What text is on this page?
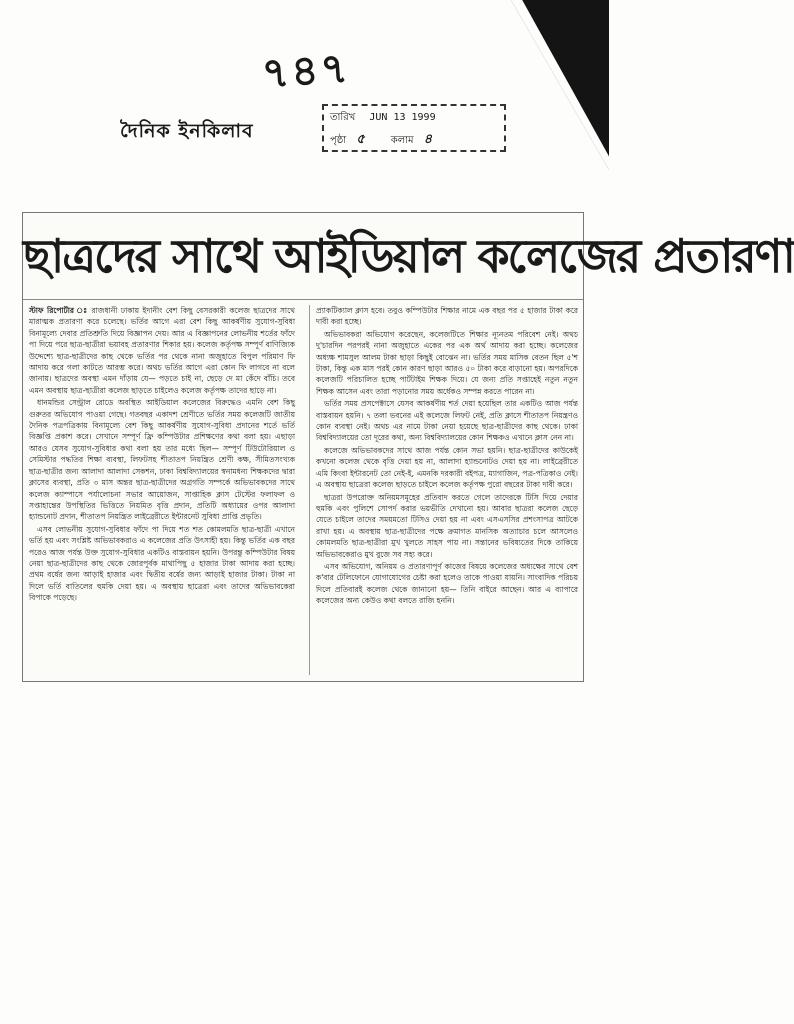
৭৪৭
দৈনিক ইনকিলাব
তারিখ JUN 13 1999
পৃষ্ঠা ৫	কলাম ৪
ছাত্রদের সাথে আইডিয়াল কলেজের প্রতারণা

স্টাফ রিপোর্টার ঃ রাজধানী ঢাকায় ইদানীং বেশ কিছু বেসরকারী কলেজ ছাত্রদের সাথে মারাত্মক প্রতারণা করে চলেছে। ভর্তির আগে এরা বেশ কিছু আকর্ষণীয় সুযোগ-সুবিধা বিনামূল্যে দেবার প্রতিশ্রুতি দিয়ে বিজ্ঞাপন দেয়। আর এ বিজ্ঞাপনের লোভনীয় শর্তের ফাঁদে পা দিয়ে পরে ছাত্র-ছাত্রীরা ভয়াবহ প্রতারণার শিকার হয়। কলেজ কর্তৃপক্ষ সম্পূর্ণ বাণিজ্যিক উদ্দেশ্যে ছাত্র-ছাত্রীদের কাছ থেকে ভর্তির পর থেকে নানা অজুহাতে বিপুল পরিমাণ ফি আদায় করে গলা কাটতে আরম্ভ করে। অথচ ভর্তির আগে এরা কোন ফি লাগবে না বলে জানায়। ছাত্রদের অবস্থা এমন দাঁড়ায় যে— পড়তে চাই না, ছেড়ে দে মা কেঁদে বাঁচি। তবে এমন অবস্থায় ছাত্র-ছাত্রীরা কলেজ ছাড়তে চাইলেও কলেজ কর্তৃপক্ষ তাদের ছাড়ে না।

ধানমন্ডির সেন্ট্রাল রোডে অবস্থিত আইডিয়াল কলেজের বিরুদ্ধেও এমনি বেশ কিছু গুরুতর অভিযোগ পাওয়া গেছে। গতবছর একাদশ শ্রেণীতে ভর্তির সময় কলেজটি জাতীয় দৈনিক পত্রপত্রিকায় বিনামূল্যে বেশ কিছু আকর্ষণীয় সুযোগ-সুবিধা প্রদানের শর্তে ভর্তি বিজ্ঞপ্তি প্রকাশ করে। সেখানে সম্পূর্ণ ফ্রি কম্পিউটার প্রশিক্ষণের কথা বলা হয়। এছাড়া আরও যেসব সুযোগ-সুবিধার কথা বলা হয় তার মধ্যে ছিল— সম্পূর্ণ টিউটোরিয়াল ও সেমিস্টার পদ্ধতির শিক্ষা ব্যবস্থা, লিফটসহ শীতাতপ নিয়ন্ত্রিত শ্রেণী কক্ষ, সীমিতসংখ্যক ছাত্র-ছাত্রীর জন্য আলাদা আলাদা সেকশন, ঢাকা বিশ্ববিদ্যালয়ের স্বনামধন্য শিক্ষকদের দ্বারা ক্লাসের ব্যবস্থা, প্রতি ৩ মাস অন্তর ছাত্র-ছাত্রীদের অগ্রগতি সম্পর্কে অভিভাবকদের সাথে কলেজ ক্যাম্পাসে পর্যালোচনা সভার আয়োজন, সাপ্তাহিক ক্লাস টেস্টের ফলাফল ও সপ্তাহান্তের উপস্থিতির ভিত্তিতে নিয়মিত বৃত্তি প্রদান, প্রতিটি অধ্যায়ের ওপর আলাদা হ্যান্ডনোট প্রদান, শীতাতপ নিয়ন্ত্রিত লাইব্রেরীতে ইন্টারনেট সুবিধা প্রাপ্তি প্রভৃতি।

এসব লোভনীয় সুযোগ-সুবিধার ফাঁদে পা দিয়ে শত শত কোমলমতি ছাত্র-ছাত্রী এখানে ভর্তি হয় এবং সংশ্লিষ্ট অভিভাবকরাও এ কলেজের প্রতি উৎসাহী হয়। কিন্তু ভর্তির এক বছর পরেও আজ পর্যন্ত উক্ত সুযোগ-সুবিধার একটিও বাস্তবায়ন হয়নি। উপরন্তু কম্পিউটার বিষয় নেয়া ছাত্র-ছাত্রীদের কাছ থেকে জোরপূর্বক মাথাপিছু ৫ হাজার টাকা আদায় করা হচ্ছে। প্রথম বর্ষের জন্য আড়াই হাজার এবং দ্বিতীয় বর্ষের জন্য আড়াই হাজার টাকা। টাকা না দিলে ভর্তি বাতিলের হুমকি দেয়া হয়। এ অবস্থায় ছাত্রেরা এবং তাদের অভিভাবকেরা বিপাকে পড়েছে।

প্র্যাকটিক্যাল ক্লাস হবে। তবুও কম্পিউটার শিক্ষার নামে এক বছর পর ৫ হাজার টাকা করে দাবী করা হচ্ছে।

অভিভাবকরা অভিযোগ করেছেন, কলেজটিতে শিক্ষার ন্যূনতম পরিবেশ নেই। অথচ দু'চারদিন পরপরই নানা অজুহাতে একের পর এক অর্থ আদায় করা হচ্ছে। কলেজের অধ্যক্ষ শামসুল আলম টাকা ছাড়া কিছুই বোঝেন না। ভর্তির সময় মাসিক বেতন ছিল ৫'শ টাকা, কিন্তু এক মাস পরই কোন কারণ ছাড়া আরও ৫০ টাকা করে বাড়ানো হয়। অপরদিকে কলেজটি পরিচালিত হচ্ছে পার্টটাইম শিক্ষক দিয়ে। যে জন্য প্রতি সপ্তাহেই নতুন নতুন শিক্ষক আসেন এবং তারা পড়ানোর সময় অর্ধেকও সম্পন্ন করতে পারেন না।

ভর্তির সময় প্রসপেক্টাসে যেসব আকর্ষণীয় শর্ত দেয়া হয়েছিল তার একটিও আজ পর্যন্ত বাস্তবায়ন হয়নি। ৭ তলা ভবনের এই কলেজে লিফট নেই, প্রতি ক্লাসে শীতাতপ নিয়ন্ত্রণও কোন ব্যবস্থা নেই। অথচ এর নামে টাকা নেয়া হয়েছে ছাত্র-ছাত্রীদের কাছ থেকে। ঢাকা বিশ্ববিদ্যালয়ের তো দূরের কথা, অন্য বিশ্ববিদ্যালয়ের কোন শিক্ষকও এখানে ক্লাস নেন না।

কলেজে অভিভাবকদের সাথে আজ পর্যন্ত কোন সভা হয়নি। ছাত্র-ছাত্রীদের কাউকেই কখনো কলেজ থেকে বৃত্তি দেয়া হয় না, আলাদা হ্যান্ডনোটও দেয়া হয় না। লাইব্রেরীতে এমি কিংবা ইন্টারনেট তো নেই-ই, এমনকি দরকারী বইপত্র, ম্যাগাজিন, পত্র-পত্রিকাও নেই। এ অবস্থায় ছাত্রেরা কলেজ ছাড়তে চাইলে কলেজ কর্তৃপক্ষ পুরো বছরের টাকা দাবী করে।

ছাত্ররা উপরোক্ত অনিয়মসমূহের প্রতিবাদ করতে গেলে তাদেরকে টিসি দিয়ে দেয়ার হুমকি এবং পুলিশে সোপর্দ করার ভয়ভীতি দেখানো হয়। আবার ছাত্ররা কলেজ ছেড়ে যেতে চাইলে তাদের সময়মতো টিসিও দেয়া হয় না এবং এসএসসির প্রশংসাপত্র আটকে রাখা হয়। এ অবস্থায় ছাত্র-ছাত্রীদের পক্ষে ক্রমাগত মানসিক অত্যাচার চলে আসলেও কোমলমতি ছাত্র-ছাত্রীরা মুখ খুলতে সাহস পায় না। সন্তানের ভবিষ্যতের দিকে তাকিয়ে অভিভাবকেরাও মুখ বুজে সব সহ্য করে।

এসব অভিযোগ, অনিয়ম ও প্রতারণাপূর্ণ কাজের বিষয়ে কলেজের অধ্যক্ষের সাথে বেশ ক'বার টেলিফোনে যোগাযোগের চেষ্টা করা হলেও তাকে পাওয়া যায়নি। সাংবাদিক পরিচয় দিলে প্রতিবারই কলেজ থেকে জানানো হয়— তিনি বাইরে আছেন। আর এ ব্যাপারে কলেজের অন্য কেউও কথা বলতে রাজি হননি।
